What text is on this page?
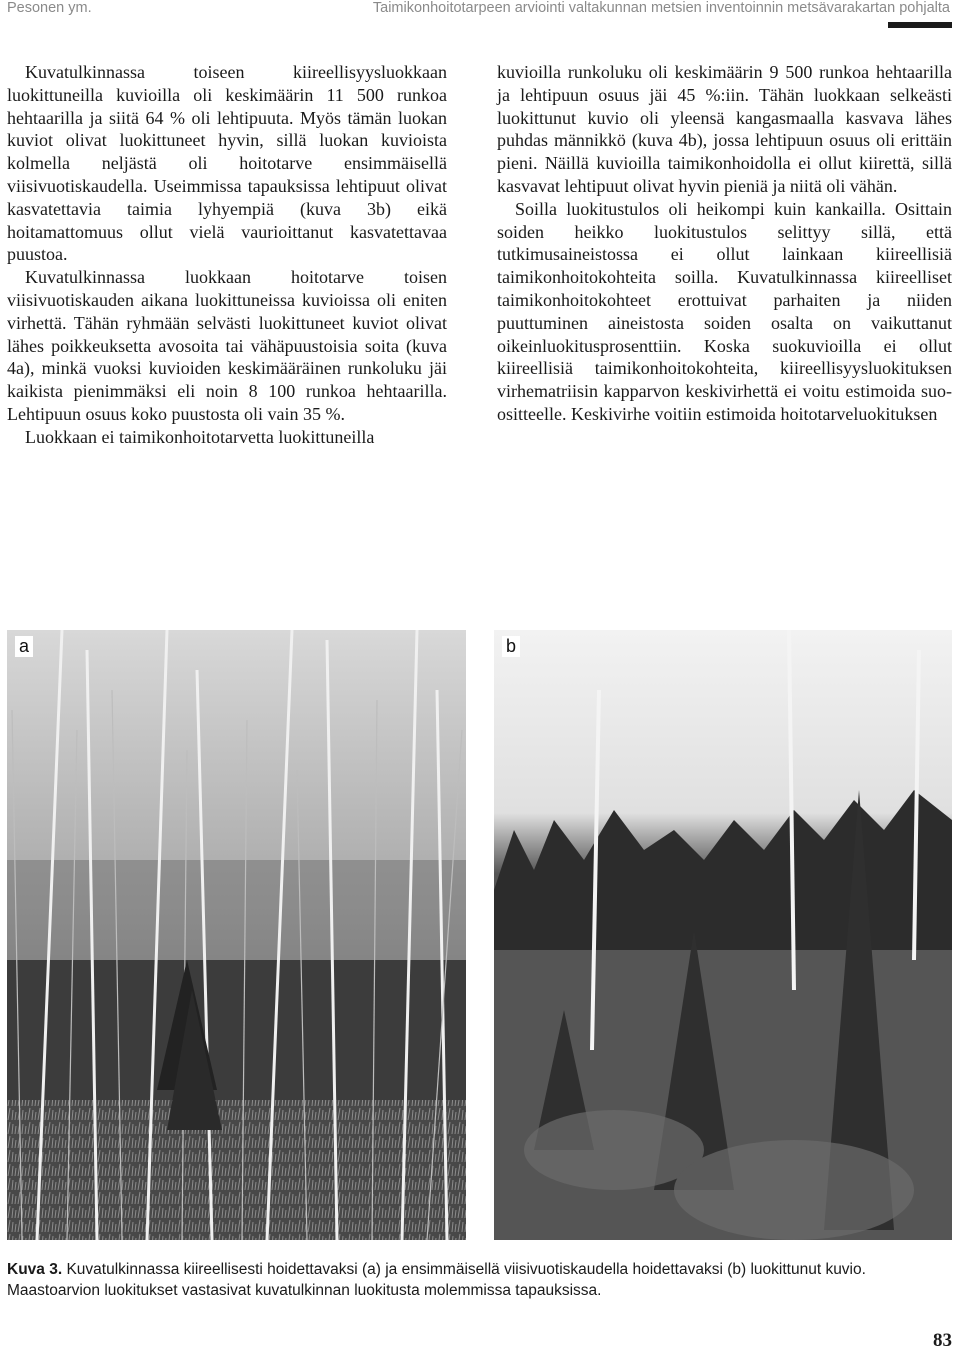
Pesonen ym.	Taimikonhoitotarpeen arviointi valtakunnan metsien inventoinnin metsävarakartan pohjalta

Kuvatulkinnassa toiseen kiireellisyysluokkaan luokittuneilla kuvioilla oli keskimäärin 11 500 runkoa hehtaarilla ja siitä 64 % oli lehtipuuta. Myös tämän luokan kuviot olivat luokittuneet hyvin, sillä luokan kuvioista kolmella neljästä oli hoitotarve ensimmäisellä viisivuotiskaudella. Useimmissa tapauksissa lehtipuut olivat kasvatettavia taimia lyhyempiä (kuva 3b) eikä hoitamattomuus ollut vielä vaurioittanut kasvatettavaa puustoa.

Kuvatulkinnassa luokkaan hoitotarve toisen viisivuotiskauden aikana luokittuneissa kuvioissa oli eniten virhettä. Tähän ryhmään selvästi luokittuneet kuviot olivat lähes poikkeuksetta avosoita tai vähäpuustoisia soita (kuva 4a), minkä vuoksi kuvioiden keskimääräinen runkoluku jäi kaikista pienimmäksi eli noin 8 100 runkoa hehtaarilla. Lehtipuun osuus koko puustosta oli vain 35 %.

Luokkaan ei taimikonhoitotarvetta luokittuneilla

kuvioilla runkoluku oli keskimäärin 9 500 runkoa hehtaarilla ja lehtipuun osuus jäi 45 %:iin. Tähän luokkaan selkeästi luokittunut kuvio oli yleensä kangasmaalla kasvava lähes puhdas männikkö (kuva 4b), jossa lehtipuun osuus oli erittäin pieni. Näillä kuvioilla taimikonhoidolla ei ollut kiirettä, sillä kasvavat lehtipuut olivat hyvin pieniä ja niitä oli vähän.

Soilla luokitustulos oli heikompi kuin kankailla. Osittain soiden heikko luokitustulos selittyy sillä, että tutkimusaineistossa ei ollut lainkaan kiireellisiä taimikonhoitokohteita soilla. Kuvatulkinnassa kiireelliset taimikonhoitokohteet erottuivat parhaiten ja niiden puuttuminen aineistosta soiden osalta on vaikuttanut oikeinluokitusprosenttiin. Koska suokuvioilla ei ollut kiireellisiä taimikonhoitokohteita, kiireellisyysluokituksen virhematriisin kapparvon keskivirhettä ei voitu estimoida suo-ositteelle. Keskivirhe voitiin estimoida hoitotarveluokituksen

a	b
Kuva 3. Kuvatulkinnassa kiireellisesti hoidettavaksi (a) ja ensimmäisellä viisivuotiskaudella hoidettavaksi (b) luokittunut kuvio. Maastoarvion luokitukset vastasivat kuvatulkinnan luokitusta molemmissa tapauksissa.
83
